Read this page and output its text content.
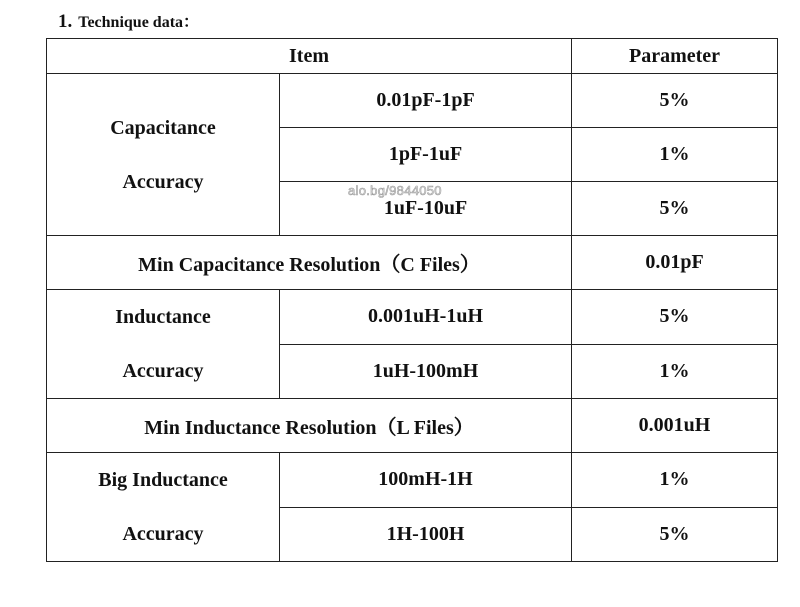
1. Technique data：
Item		Parameter

Capacitance
Accuracy	0.01pF-1pF	5%
	1pF-1uF	1%
	1uF-10uF	5%
Min Capacitance Resolution（C Files）		0.01pF

Inductance
Accuracy	0.001uH-1uH	5%
	1uH-100mH	1%
Min Inductance Resolution（L Files）		0.001uH

Big Inductance
Accuracy	100mH-1H	1%
	1H-100H	5%
alo.bg/9844050
